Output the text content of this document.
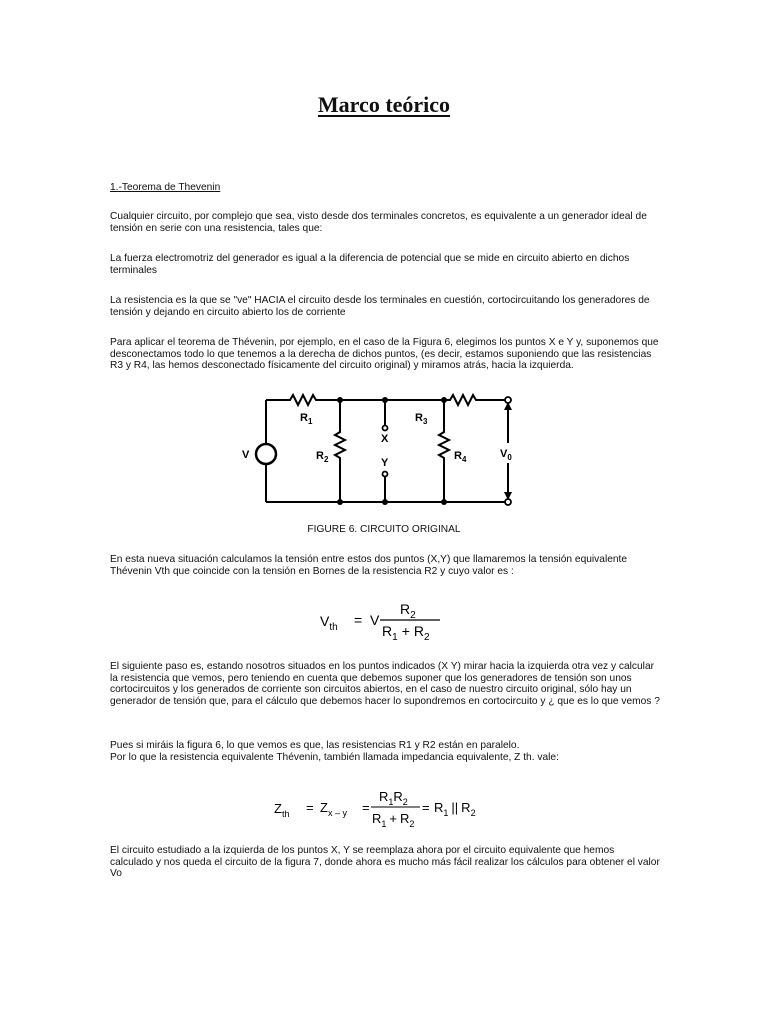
Marco teórico
1.-Teorema de Thevenin
Cualquier circuito, por complejo que sea, visto desde dos terminales concretos, es equivalente a un generador ideal de tensión en serie con una resistencia, tales que:
La fuerza electromotriz del generador es igual a la diferencia de potencial que se mide en circuito abierto en dichos terminales
La resistencia es la que se "ve" HACIA el circuito desde los terminales en cuestión, cortocircuitando los generadores de tensión y dejando en circuito abierto los de corriente
Para aplicar el teorema de Thévenin, por ejemplo, en el caso de la Figura 6, elegimos los puntos X e Y y, suponemos que desconectamos todo lo que tenemos a la derecha de dichos puntos, (es decir, estamos suponiendo que las resistencias R3 y R4, las hemos desconectado físicamente del circuito original) y miramos atrás, hacia la izquierda.
V
$R_1$
$R_2$
$R_3$
$R_4$
X
Y
$V_0$
FIGURE 6. CIRCUITO ORIGINAL
En esta nueva situación calculamos la tensión entre estos dos puntos (X,Y) que llamaremos la tensión equivalente Thévenin Vth que coincide con la tensión en Bornes de la resistencia R2 y cuyo valor es :
$V_{th} = V$
$R_2$
$R_1 + R_2$
El siguiente paso es, estando nosotros situados en los puntos indicados (X Y) mirar hacia la izquierda otra vez y calcular la resistencia que vemos, pero teniendo en cuenta que debemos suponer que los generadores de tensión son unos cortocircuitos y los generados de corriente son circuitos abiertos, en el caso de nuestro circuito original, sólo hay un generador de tensión que, para el cálculo que debemos hacer lo supondremos en cortocircuito y ¿ que es lo que vemos ?
Pues si miráis la figura 6, lo que vemos es que, las resistencias R1 y R2 están en paralelo.
Por lo que la resistencia equivalente Thévenin, también llamada impedancia equivalente, Z th. vale:
$Z_{th} = Z_{x - y}$ =
$R_1R_2$
$R_1 + R_2$
= $R_1$ || $R_2$
El circuito estudiado a la izquierda de los puntos X, Y se reemplaza ahora por el circuito equivalente que hemos calculado y nos queda el circuito de la figura 7, donde ahora es mucho más fácil realizar los cálculos para obtener el valor Vo
